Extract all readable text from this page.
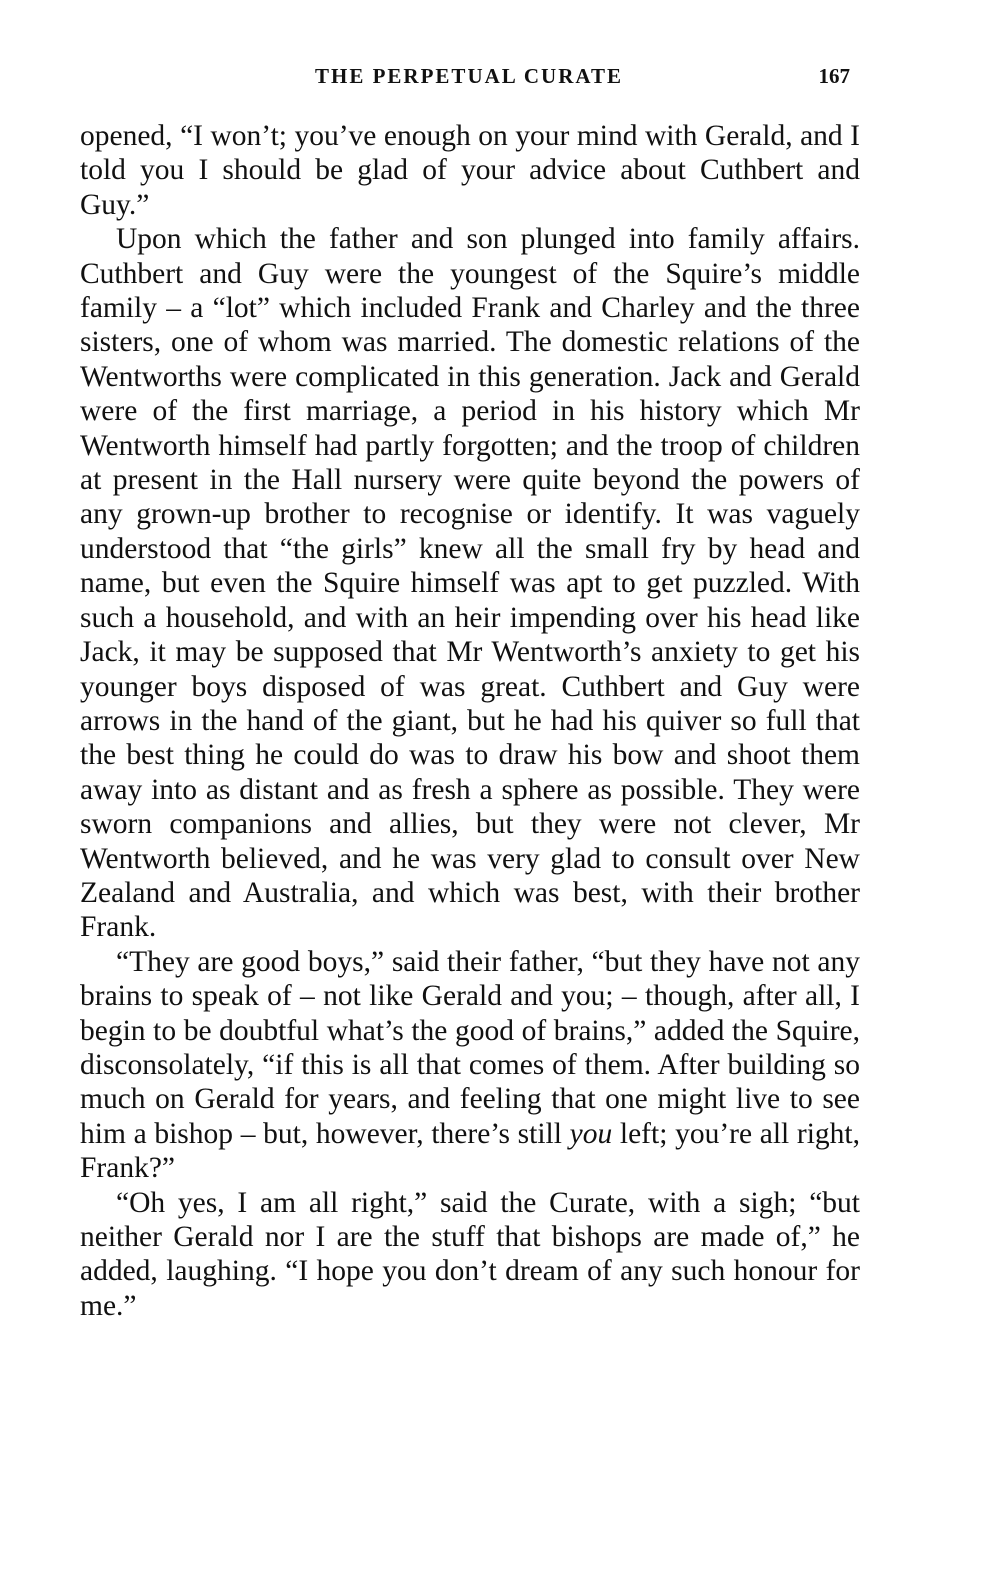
THE PERPETUAL CURATE	167

opened, “I won’t; you’ve enough on your mind with Gerald, and I told you I should be glad of your advice about Cuthbert and Guy.”

Upon which the father and son plunged into family affairs. Cuthbert and Guy were the youngest of the Squire’s middle family – a “lot” which included Frank and Charley and the three sisters, one of whom was married. The domestic relations of the Wentworths were complicated in this generation. Jack and Gerald were of the first marriage, a period in his history which Mr Wentworth himself had partly forgotten; and the troop of children at present in the Hall nursery were quite beyond the powers of any grown-up brother to recognise or identify. It was vaguely understood that “the girls” knew all the small fry by head and name, but even the Squire himself was apt to get puzzled. With such a household, and with an heir impending over his head like Jack, it may be supposed that Mr Wentworth’s anxiety to get his younger boys disposed of was great. Cuthbert and Guy were arrows in the hand of the giant, but he had his quiver so full that the best thing he could do was to draw his bow and shoot them away into as distant and as fresh a sphere as possible. They were sworn companions and allies, but they were not clever, Mr Wentworth believed, and he was very glad to consult over New Zealand and Australia, and which was best, with their brother Frank.

“They are good boys,” said their father, “but they have not any brains to speak of – not like Gerald and you; – though, after all, I begin to be doubtful what’s the good of brains,” added the Squire, disconsolately, “if this is all that comes of them. After building so much on Gerald for years, and feeling that one might live to see him a bishop – but, however, there’s still you left; you’re all right, Frank?”

“Oh yes, I am all right,” said the Curate, with a sigh; “but neither Gerald nor I are the stuff that bishops are made of,” he added, laughing. “I hope you don’t dream of any such honour for me.”
